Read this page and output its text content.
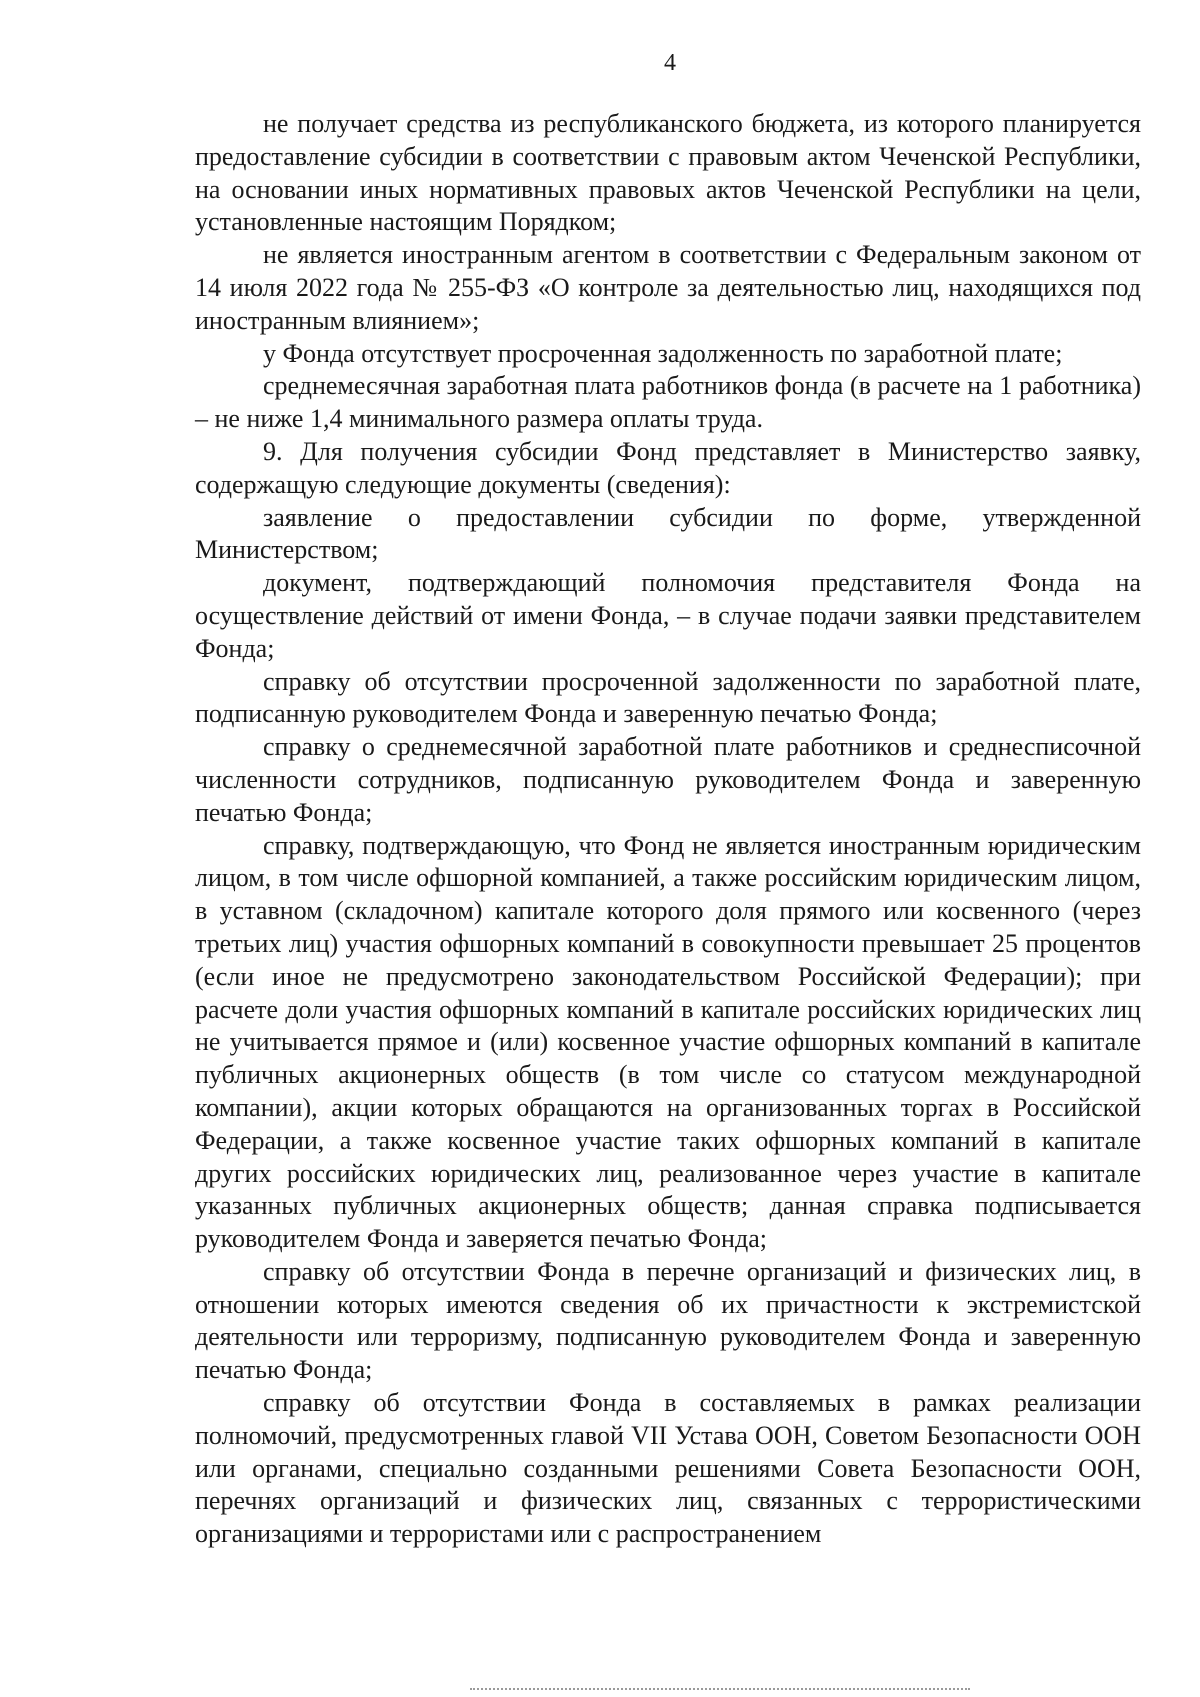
4

не получает средства из республиканского бюджета, из которого планируется предоставление субсидии в соответствии с правовым актом Чеченской Республики, на основании иных нормативных правовых актов Чеченской Республики на цели, установленные настоящим Порядком;

не является иностранным агентом в соответствии с Федеральным законом от 14 июля 2022 года № 255-ФЗ «О контроле за деятельностью лиц, находящихся под иностранным влиянием»;

у Фонда отсутствует просроченная задолженность по заработной плате;

среднемесячная заработная плата работников фонда (в расчете на 1 работника) – не ниже 1,4 минимального размера оплаты труда.

9. Для получения субсидии Фонд представляет в Министерство заявку, содержащую следующие документы (сведения):

заявление о предоставлении субсидии по форме, утвержденной Министерством;

документ, подтверждающий полномочия представителя Фонда на осуществление действий от имени Фонда, – в случае подачи заявки представителем Фонда;

справку об отсутствии просроченной задолженности по заработной плате, подписанную руководителем Фонда и заверенную печатью Фонда;

справку о среднемесячной заработной плате работников и среднесписочной численности сотрудников, подписанную руководителем Фонда и заверенную печатью Фонда;

справку, подтверждающую, что Фонд не является иностранным юридическим лицом, в том числе офшорной компанией, а также российским юридическим лицом, в уставном (складочном) капитале которого доля прямого или косвенного (через третьих лиц) участия офшорных компаний в совокупности превышает 25 процентов (если иное не предусмотрено законодательством Российской Федерации); при расчете доли участия офшорных компаний в капитале российских юридических лиц не учитывается прямое и (или) косвенное участие офшорных компаний в капитале публичных акционерных обществ (в том числе со статусом международной компании), акции которых обращаются на организованных торгах в Российской Федерации, а также косвенное участие таких офшорных компаний в капитале других российских юридических лиц, реализованное через участие в капитале указанных публичных акционерных обществ; данная справка подписывается руководителем Фонда и заверяется печатью Фонда;

справку об отсутствии Фонда в перечне организаций и физических лиц, в отношении которых имеются сведения об их причастности к экстремистской деятельности или терроризму, подписанную руководителем Фонда и заверенную печатью Фонда;

справку об отсутствии Фонда в составляемых в рамках реализации полномочий, предусмотренных главой VII Устава ООН, Советом Безопасности ООН или органами, специально созданными решениями Совета Безопасности ООН, перечнях организаций и физических лиц, связанных с террористическими организациями и террористами или с распространением
